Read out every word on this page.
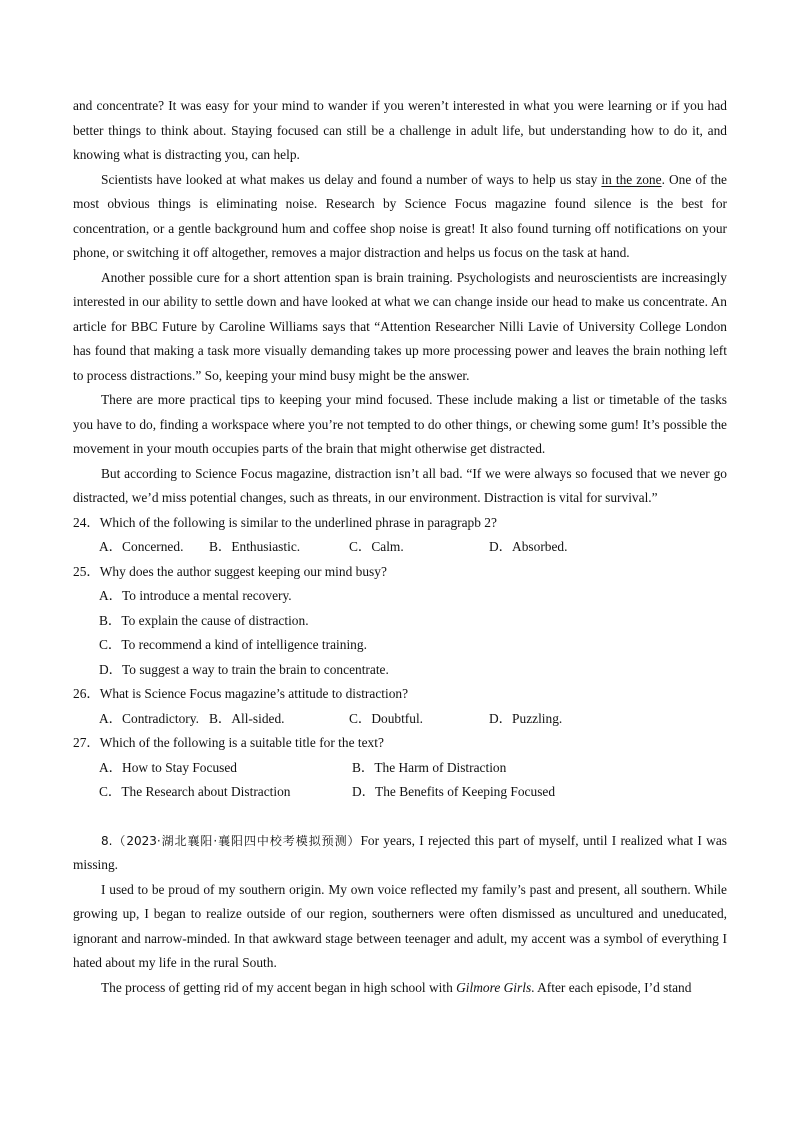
and concentrate? It was easy for your mind to wander if you weren’t interested in what you were learning or if you had better things to think about. Staying focused can still be a challenge in adult life, but understanding how to do it, and knowing what is distracting you, can help.

Scientists have looked at what makes us delay and found a number of ways to help us stay in the zone. One of the most obvious things is eliminating noise. Research by Science Focus magazine found silence is the best for concentration, or a gentle background hum and coffee shop noise is great! It also found turning off notifications on your phone, or switching it off altogether, removes a major distraction and helps us focus on the task at hand.

Another possible cure for a short attention span is brain training. Psychologists and neuroscientists are increasingly interested in our ability to settle down and have looked at what we can change inside our head to make us concentrate. An article for BBC Future by Caroline Williams says that “Attention Researcher Nilli Lavie of University College London has found that making a task more visually demanding takes up more processing power and leaves the brain nothing left to process distractions.” So, keeping your mind busy might be the answer.

There are more practical tips to keeping your mind focused. These include making a list or timetable of the tasks you have to do, finding a workspace where you’re not tempted to do other things, or chewing some gum! It’s possible the movement in your mouth occupies parts of the brain that might otherwise get distracted.

But according to Science Focus magazine, distraction isn’t all bad. “If we were always so focused that we never go distracted, we’d miss potential changes, such as threats, in our environment. Distraction is vital for survival.”

24．Which of the following is similar to the underlined phrase in paragrapb 2?

A．Concerned.	B．Enthusiastic.	C．Calm.	D．Absorbed.

25．Why does the author suggest keeping our mind busy?

A．To introduce a mental recovery.
B．To explain the cause of distraction.
C．To recommend a kind of intelligence training.
D．To suggest a way to train the brain to concentrate.

26．What is Science Focus magazine’s attitude to distraction?

A．Contradictory. B．All-sided.	C．Doubtful.	D．Puzzling.

27．Which of the following is a suitable title for the text?

A．How to Stay Focused	B．The Harm of Distraction
C．The Research about Distraction	D．The Benefits of Keeping Focused

8.（2023·湖北襄阳·襄阳四中校考模拟预测）For years, I rejected this part of myself, until I realized what I was missing.

I used to be proud of my southern origin. My own voice reflected my family’s past and present, all southern. While growing up, I began to realize outside of our region, southerners were often dismissed as uncultured and uneducated, ignorant and narrow-minded. In that awkward stage between teenager and adult, my accent was a symbol of everything I hated about my life in the rural South.

The process of getting rid of my accent began in high school with Gilmore Girls. After each episode, I’d stand
